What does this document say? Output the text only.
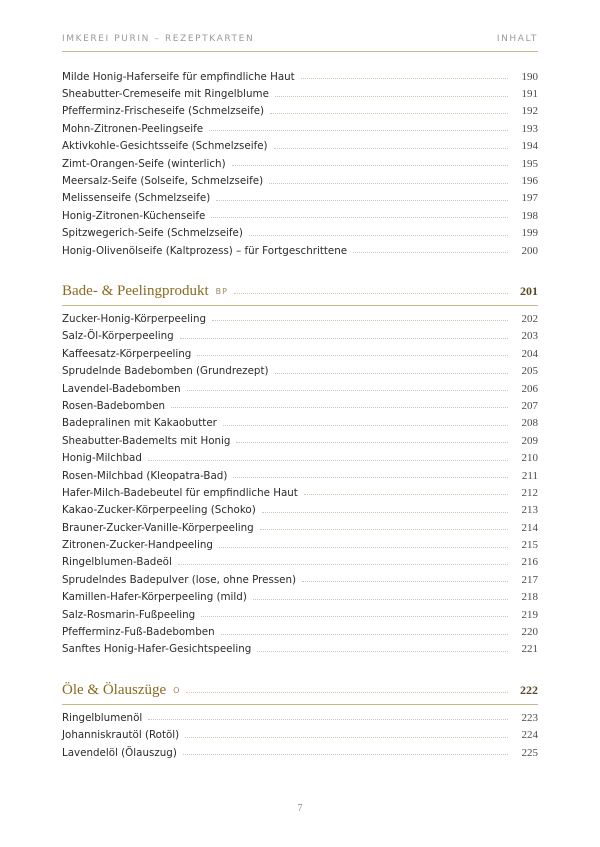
IMKEREI PURIN – REZEPTKARTEN	INHALT
Milde Honig-Haferseife für empfindliche Haut	190
Sheabutter-Cremeseife mit Ringelblume	191
Pfefferminz-Frischeseife (Schmelzseife)	192
Mohn-Zitronen-Peelingseife	193
Aktivkohle-Gesichtsseife (Schmelzseife)	194
Zimt-Orangen-Seife (winterlich)	195
Meersalz-Seife (Solseife, Schmelzseife)	196
Melissenseife (Schmelzseife)	197
Honig-Zitronen-Küchenseife	198
Spitzwegerich-Seife (Schmelzseife)	199
Honig-Olivenölseife (Kaltprozess) – für Fortgeschrittene	200
Bade- & Peelingprodukt BP	201
Zucker-Honig-Körperpeeling	202
Salz-Öl-Körperpeeling	203
Kaffeesatz-Körperpeeling	204
Sprudelnde Badebomben (Grundrezept)	205
Lavendel-Badebomben	206
Rosen-Badebomben	207
Badepralinen mit Kakaobutter	208
Sheabutter-Bademelts mit Honig	209
Honig-Milchbad	210
Rosen-Milchbad (Kleopatra-Bad)	211
Hafer-Milch-Badebeutel für empfindliche Haut	212
Kakao-Zucker-Körperpeeling (Schoko)	213
Brauner-Zucker-Vanille-Körperpeeling	214
Zitronen-Zucker-Handpeeling	215
Ringelblumen-Badeöl	216
Sprudelndes Badepulver (lose, ohne Pressen)	217
Kamillen-Hafer-Körperpeeling (mild)	218
Salz-Rosmarin-Fußpeeling	219
Pfefferminz-Fuß-Badebomben	220
Sanftes Honig-Hafer-Gesichtspeeling	221
Öle & Ölauszüge O	222
Ringelblumenöl	223
Johanniskrautöl (Rotöl)	224
Lavendelöl (Ölauszug)	225
7
